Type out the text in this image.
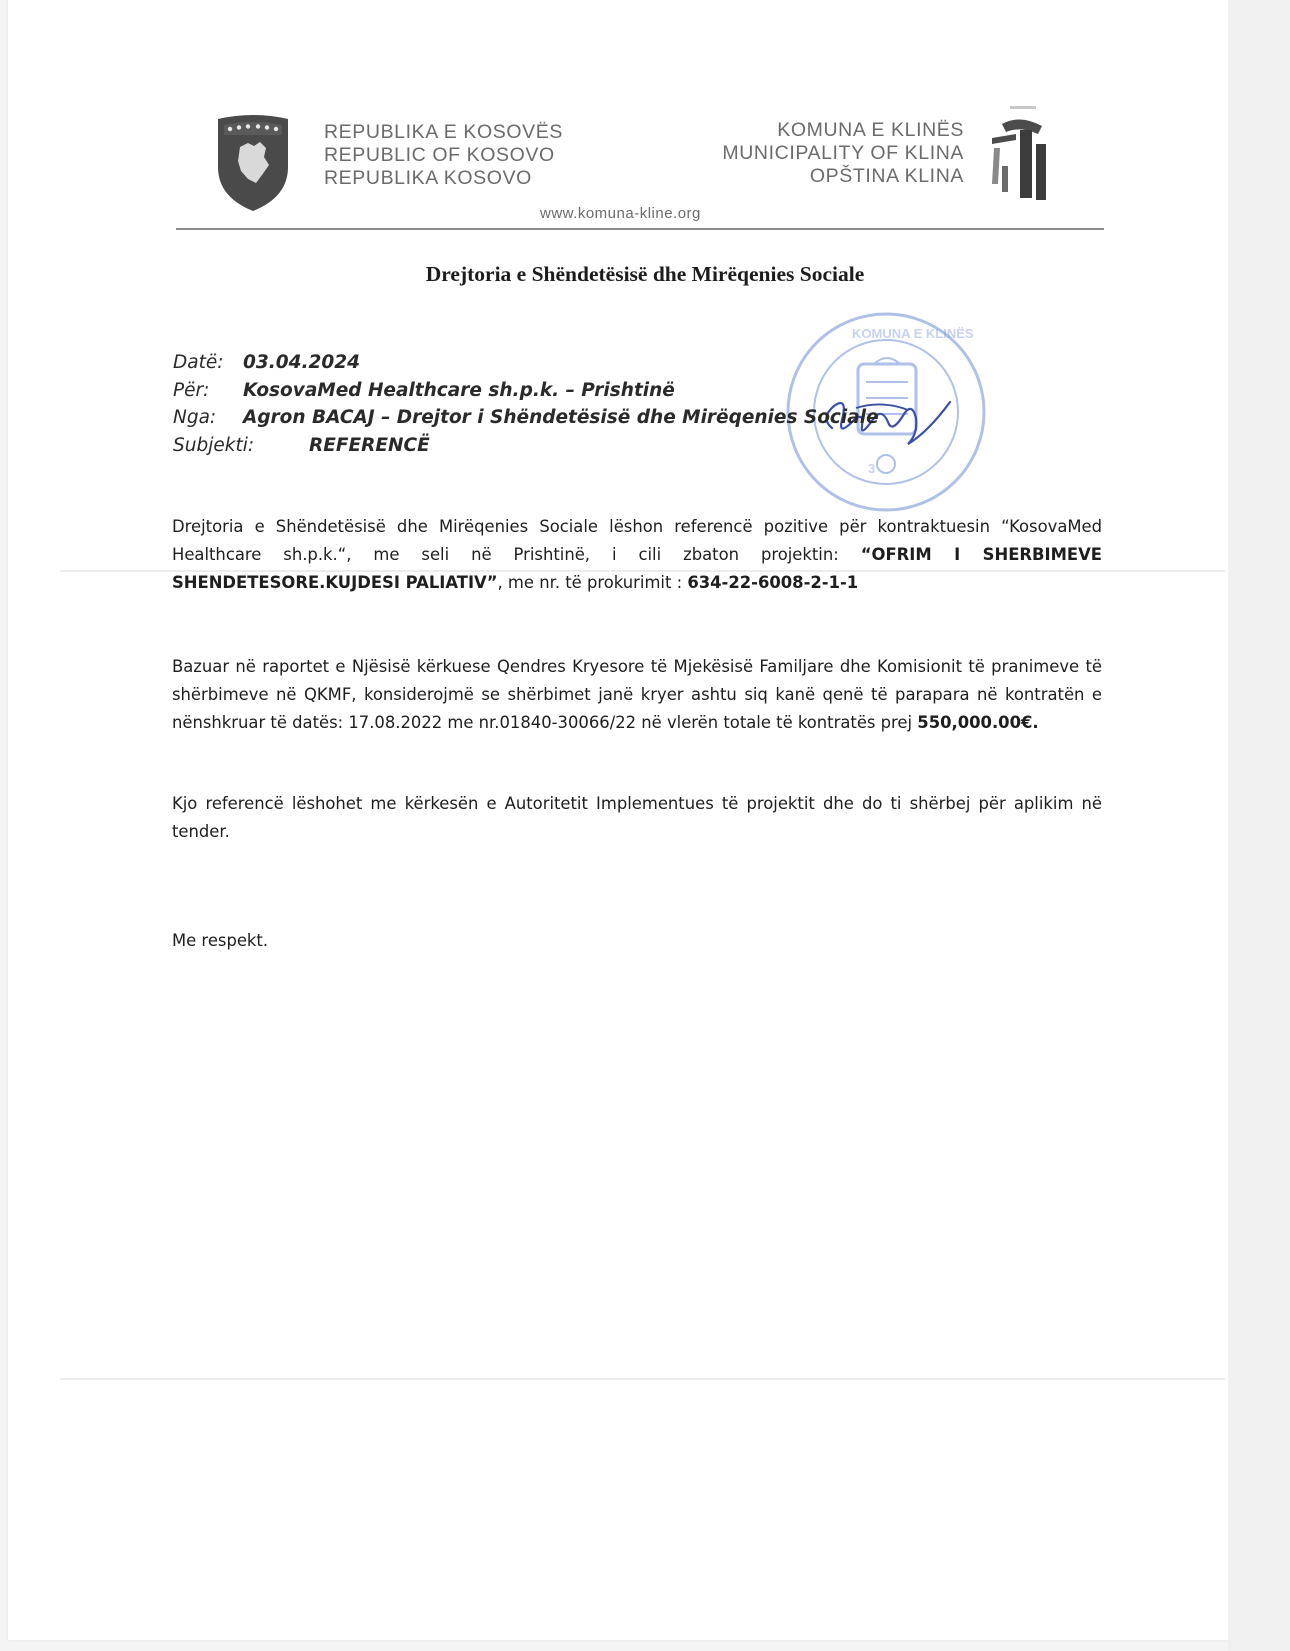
REPUBLIKA E KOSOVËS
REPUBLIC OF KOSOVO
REPUBLIKA KOSOVO
KOMUNA E KLINËS
MUNICIPALITY OF KLINA
OPŠTINA KLINA
www.komuna-kline.org
Drejtoria e Shëndetësisë dhe Mirëqenies Sociale
KOMUNA E KLINËS
3
Datë:	03.04.2024
Për:	KosovaMed Healthcare sh.p.k. – Prishtinë
Nga:	Agron BACAJ – Drejtor i Shëndetësisë dhe Mirëqenies Sociale
Subjekti:	REFERENCË
Drejtoria e Shëndetësisë dhe Mirëqenies Sociale lëshon referencë pozitive për kontraktuesin “KosovaMed Healthcare sh.p.k.“, me seli në Prishtinë, i cili zbaton projektin: “OFRIM I SHERBIMEVE SHENDETESORE.KUJDESI PALIATIV”, me nr. të prokurimit : 634-22-6008-2-1-1
Bazuar në raportet e Njësisë kërkuese Qendres Kryesore të Mjekësisë Familjare dhe Komisionit të pranimeve të shërbimeve në QKMF, konsiderojmë se shërbimet janë kryer ashtu siq kanë qenë të parapara në kontratën e nënshkruar të datës: 17.08.2022 me nr.01840-30066/22 në vlerën totale të kontratës prej 550,000.00€.
Kjo referencë lëshohet me kërkesën e Autoritetit Implementues të projektit dhe do ti shërbej për aplikim në tender.
Me respekt.
